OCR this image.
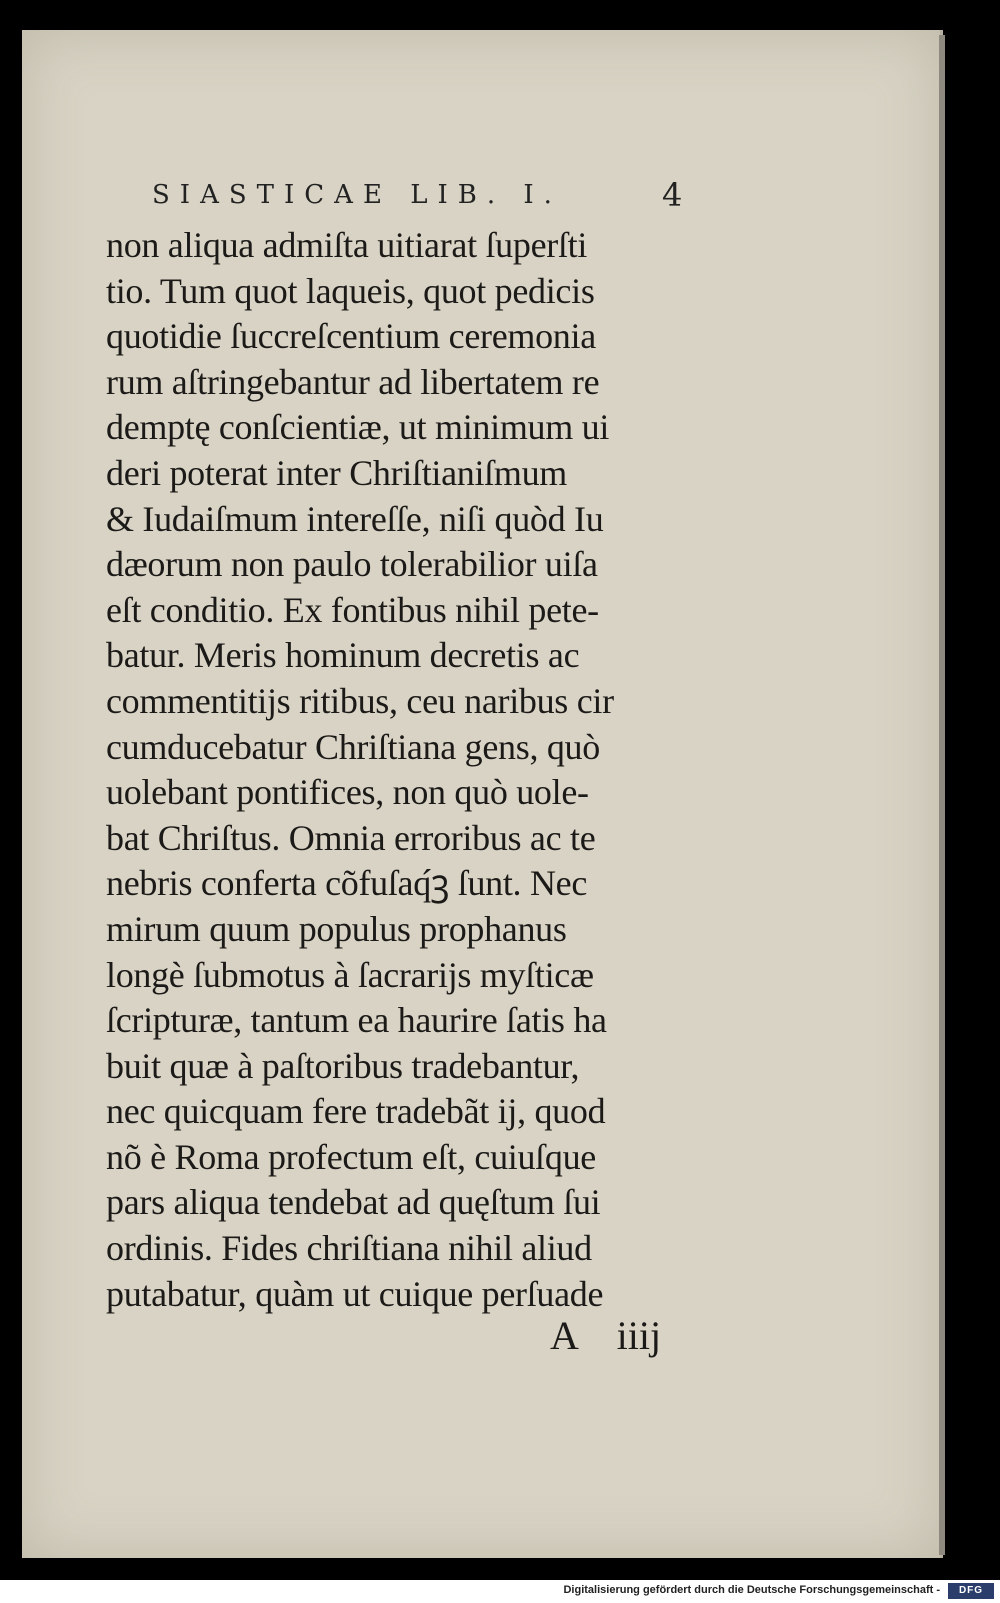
SIASTICAE LIB. I.	4
non aliqua admiſta uitiarat ſuperſti
tio. Tum quot laqueis, quot pedicis
quotidie ſuccreſcentium ceremonia
rum aſtringebantur ad libertatem re
demptę conſcientiæ, ut minimum ui
deri poterat inter Chriſtianiſmum
& Iudaiſmum intereſſe, niſi quòd Iu
dæorum non paulo tolerabilior uiſa
eſt conditio. Ex fontibus nihil pete-
batur. Meris hominum decretis ac
commentitijs ritibus, ceu naribus cir
cumducebatur Chriſtiana gens, quò
uolebant pontifices, non quò uole-
bat Chriſtus. Omnia erroribus ac te
nebris conferta cõfuſaq́ꝫ ſunt. Nec
mirum quum populus prophanus
longè ſubmotus à ſacrarijs myſticæ
ſcripturæ, tantum ea haurire ſatis ha
buit quæ à paſtoribus tradebantur,
nec quicquam fere tradebãt ij, quod
nõ è Roma profectum eſt, cuiuſque
pars aliqua tendebat ad quęſtum ſui
ordinis. Fides chriſtiana nihil aliud
putabatur, quàm ut cuique perſuade
A iiij
Digitalisierung gefördert durch die Deutsche Forschungsgemeinschaft -	DFG
